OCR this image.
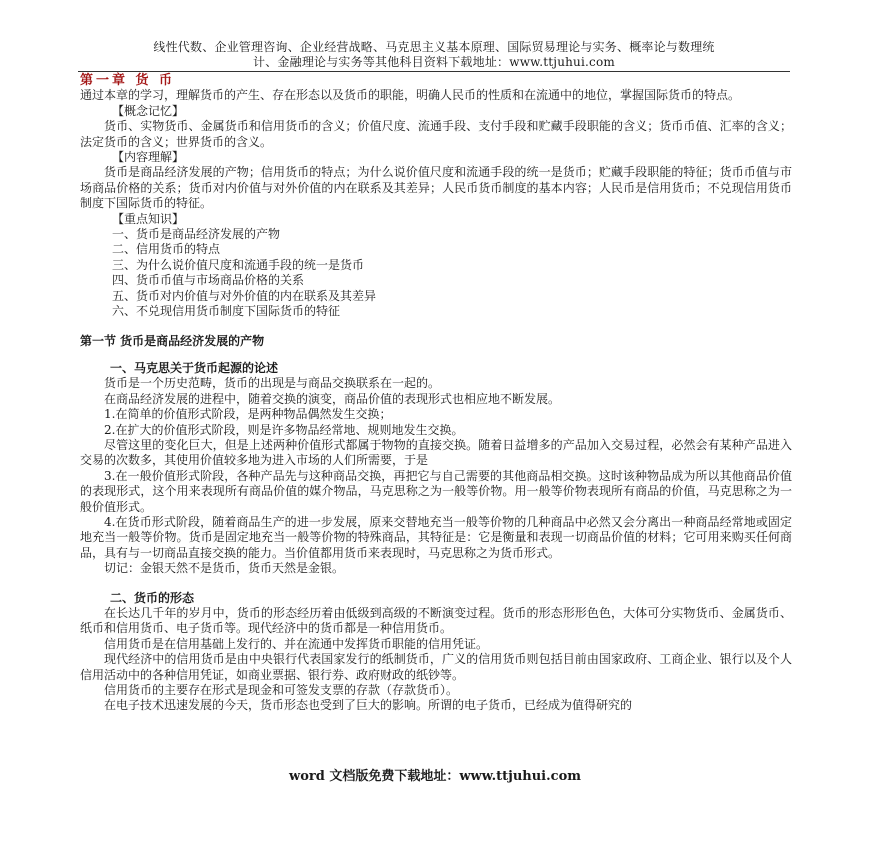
线性代数、企业管理咨询、企业经营战略、马克思主义基本原理、国际贸易理论与实务、概率论与数理统
计、金融理论与实务等其他科目资料下载地址：www.ttjuhui.com

第一章 货 币

通过本章的学习，理解货币的产生、存在形态以及货币的职能，明确人民币的性质和在流通中的地位，掌握国际货币的特点。

【概念记忆】

货币、实物货币、金属货币和信用货币的含义；价值尺度、流通手段、支付手段和贮藏手段职能的含义；货币币值、汇率的含义；法定货币的含义；世界货币的含义。

【内容理解】

货币是商品经济发展的产物；信用货币的特点；为什么说价值尺度和流通手段的统一是货币；贮藏手段职能的特征；货币币值与市场商品价格的关系；货币对内价值与对外价值的内在联系及其差异；人民币货币制度的基本内容；人民币是信用货币；不兑现信用货币制度下国际货币的特征。

【重点知识】

一、货币是商品经济发展的产物

二、信用货币的特点

三、为什么说价值尺度和流通手段的统一是货币

四、货币币值与市场商品价格的关系

五、货币对内价值与对外价值的内在联系及其差异

六、不兑现信用货币制度下国际货币的特征

第一节 货币是商品经济发展的产物

一、马克思关于货币起源的论述

货币是一个历史范畴，货币的出现是与商品交换联系在一起的。

在商品经济发展的进程中，随着交换的演变，商品价值的表现形式也相应地不断发展。

1.在简单的价值形式阶段，是两种物品偶然发生交换；

2.在扩大的价值形式阶段，则是许多物品经常地、规则地发生交换。

尽管这里的变化巨大，但是上述两种价值形式都属于物物的直接交换。随着日益增多的产品加入交易过程，必然会有某种产品进入交易的次数多，其使用价值较多地为进入市场的人们所需要，于是

3.在一般价值形式阶段，各种产品先与这种商品交换，再把它与自己需要的其他商品相交换。这时该种物品成为所以其他商品价值的表现形式，这个用来表现所有商品价值的媒介物品，马克思称之为一般等价物。用一般等价物表现所有商品的价值，马克思称之为一般价值形式。

4.在货币形式阶段，随着商品生产的进一步发展，原来交替地充当一般等价物的几种商品中必然又会分离出一种商品经常地或固定地充当一般等价物。货币是固定地充当一般等价物的特殊商品，其特征是：它是衡量和表现一切商品价值的材料；它可用来购买任何商品，具有与一切商品直接交换的能力。当价值都用货币来表现时，马克思称之为货币形式。

切记：金银天然不是货币，货币天然是金银。

二、货币的形态

在长达几千年的岁月中，货币的形态经历着由低级到高级的不断演变过程。货币的形态形形色色，大体可分实物货币、金属货币、纸币和信用货币、电子货币等。现代经济中的货币都是一种信用货币。

信用货币是在信用基础上发行的、并在流通中发挥货币职能的信用凭证。

现代经济中的信用货币是由中央银行代表国家发行的纸制货币，广义的信用货币则包括目前由国家政府、工商企业、银行以及个人信用活动中的各种信用凭证，如商业票据、银行券、政府财政的纸钞等。

信用货币的主要存在形式是现金和可签发支票的存款（存款货币）。

在电子技术迅速发展的今天，货币形态也受到了巨大的影响。所谓的电子货币，已经成为值得研究的

word 文档版免费下载地址：www.ttjuhui.com
